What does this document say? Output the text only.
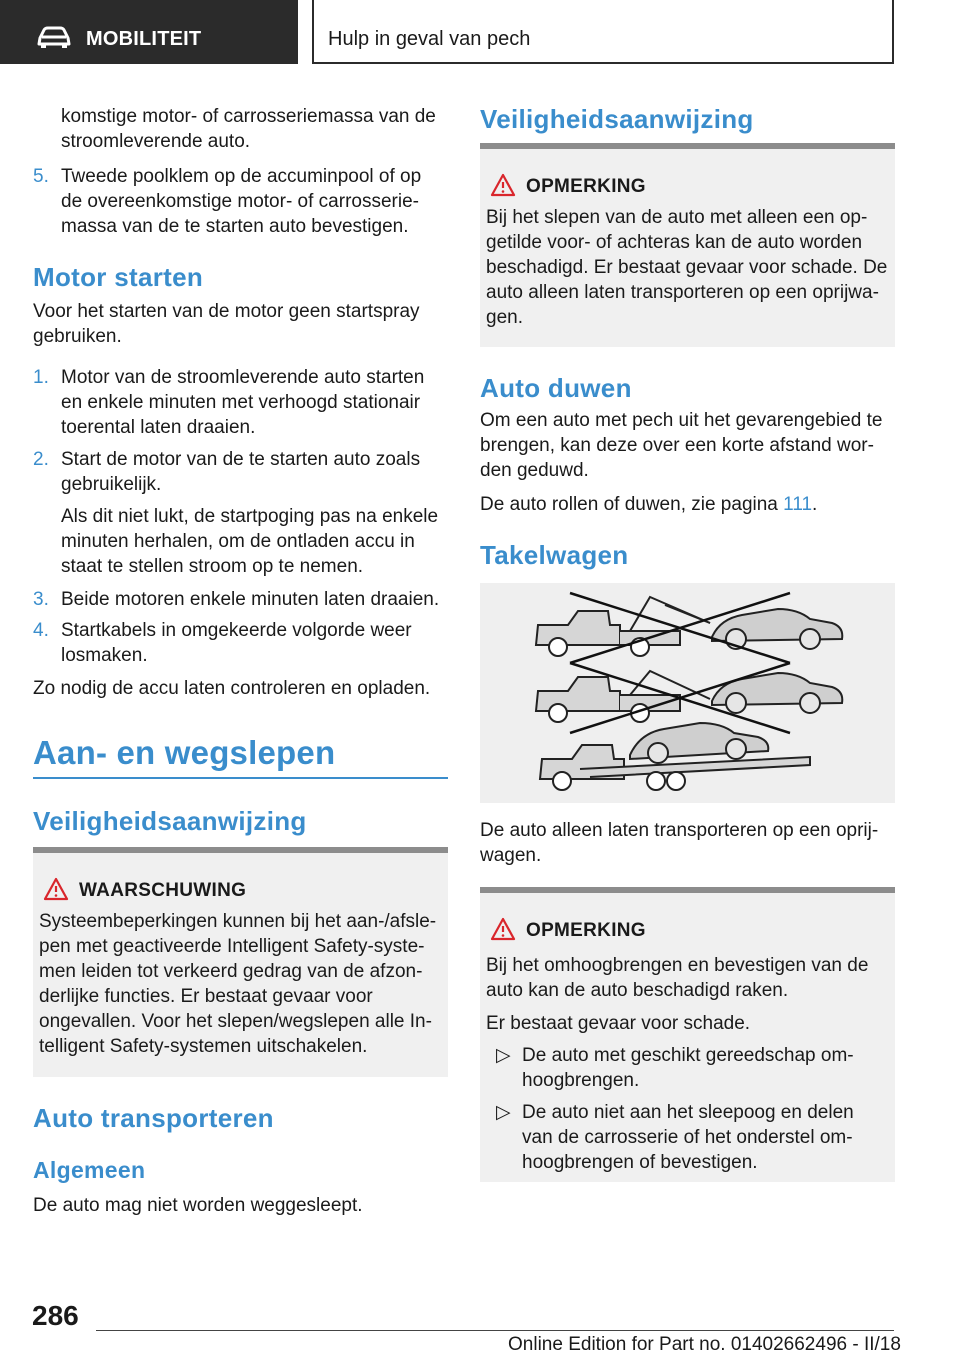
MOBILITEIT	Hulp in geval van pech
komstige motor- of carrosseriemassa van de
stroomleverende auto.
5. Tweede poolklem op de accuminpool of op
de overeenkomstige motor- of carrosserie-
massa van de te starten auto bevestigen.
Motor starten
Voor het starten van de motor geen startspray
gebruiken.
1. Motor van de stroomleverende auto starten
en enkele minuten met verhoogd stationair
toerental laten draaien.
2. Start de motor van de te starten auto zoals
gebruikelijk.
Als dit niet lukt, de startpoging pas na enkele
minuten herhalen, om de ontladen accu in
staat te stellen stroom op te nemen.
3. Beide motoren enkele minuten laten draaien.
4. Startkabels in omgekeerde volgorde weer
losmaken.
Zo nodig de accu laten controleren en opladen.
Aan- en wegslepen
Veiligheidsaanwijzing
WAARSCHUWING
Systeembeperkingen kunnen bij het aan-/afsle-
pen met geactiveerde Intelligent Safety-syste-
men leiden tot verkeerd gedrag van de afzon-
derlijke functies. Er bestaat gevaar voor
ongevallen. Voor het slepen/wegslepen alle In-
telligent Safety-systemen uitschakelen.
Auto transporteren
Algemeen
De auto mag niet worden weggesleept.
Veiligheidsaanwijzing
OPMERKING
Bij het slepen van de auto met alleen een op-
getilde voor- of achteras kan de auto worden
beschadigd. Er bestaat gevaar voor schade. De
auto alleen laten transporteren op een oprijwa-
gen.
Auto duwen
Om een auto met pech uit het gevarengebied te
brengen, kan deze over een korte afstand wor-
den geduwd.
De auto rollen of duwen, zie pagina 111.
Takelwagen
De auto alleen laten transporteren op een oprij-
wagen.
OPMERKING
Bij het omhoogbrengen en bevestigen van de
auto kan de auto beschadigd raken.
Er bestaat gevaar voor schade.
▷ De auto met geschikt gereedschap om-
hoogbrengen.
▷ De auto niet aan het sleepoog en delen
van de carrosserie of het onderstel om-
hoogbrengen of bevestigen.
286
Online Edition for Part no. 01402662496 - II/18
